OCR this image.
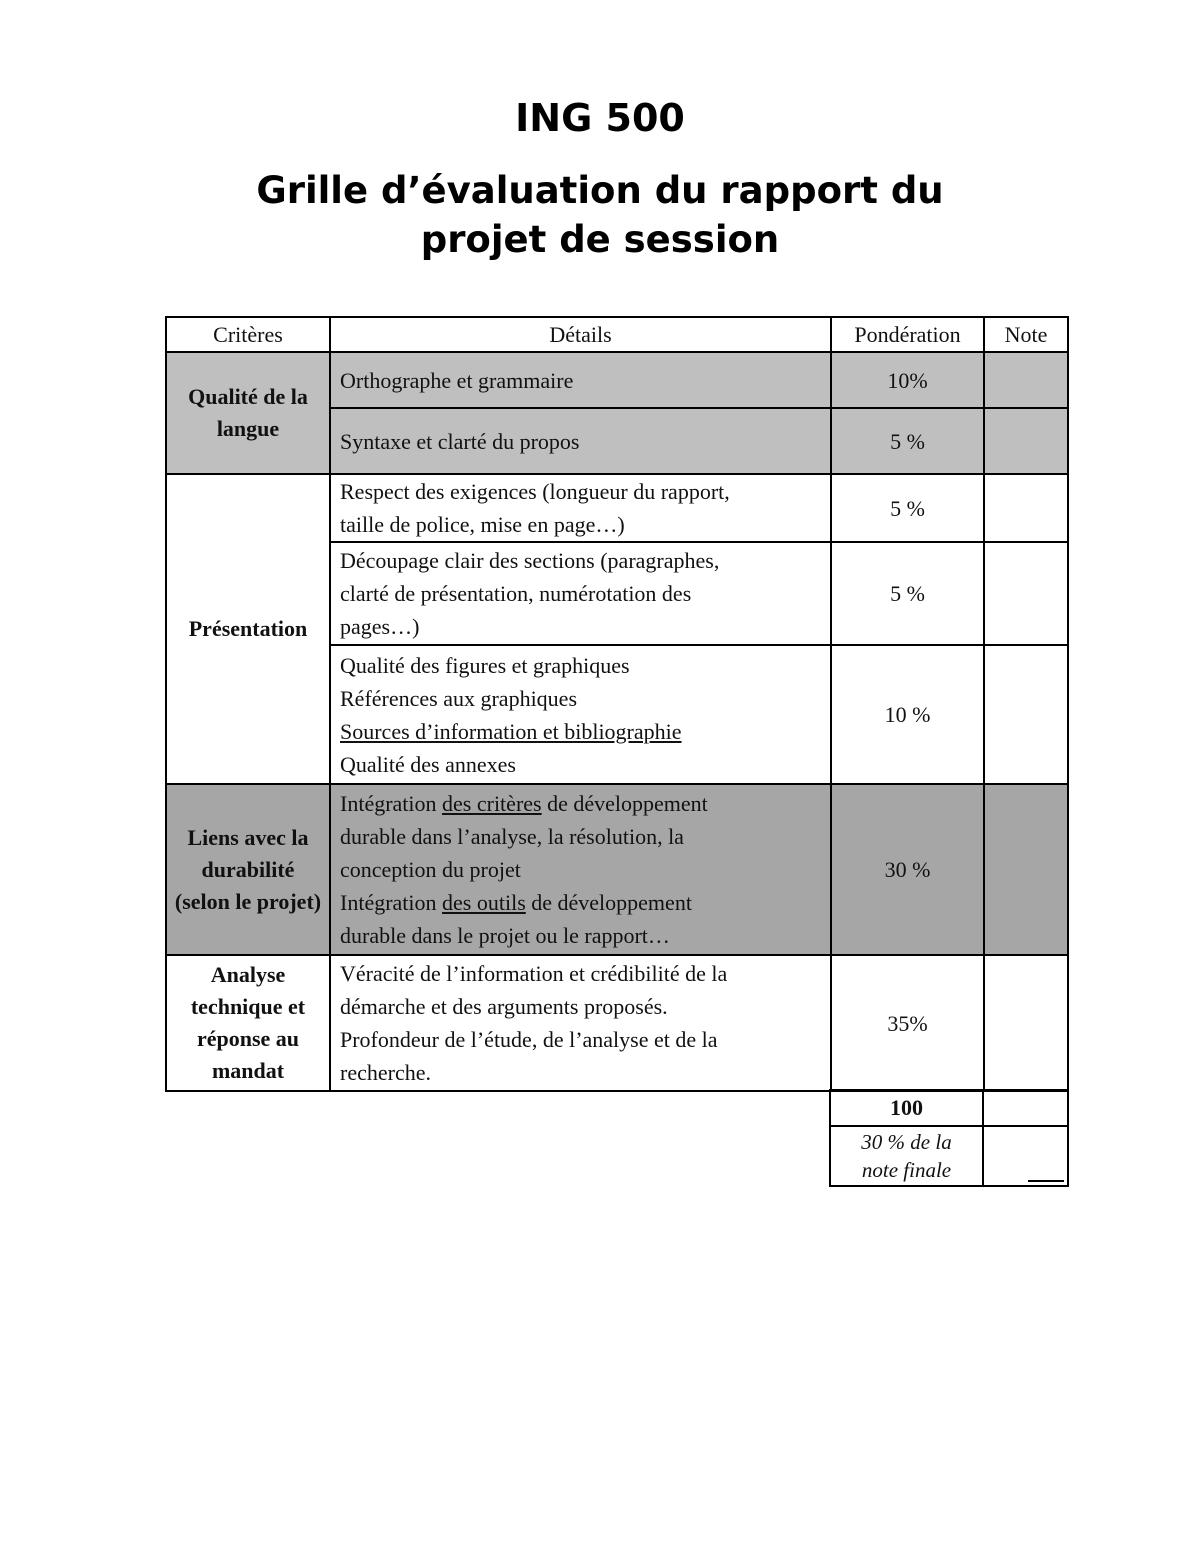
ING 500
Grille d’évaluation du rapport du
projet de session
Critères	Détails	Pondération	Note
Qualité de la langue	Orthographe et grammaire	10%	

	Syntaxe et clarté du propos	5 %	
Présentation	Respect des exigences (longueur du rapport,
taille de police, mise en page…)	5 %	

	Découpage clair des sections (paragraphes,
clarté de présentation, numérotation des
pages…)	5 %	

	Qualité des figures et graphiques
Références aux graphiques
Sources d’information et bibliographie
Qualité des annexes	10 %	
Liens avec la durabilité (selon le projet)	Intégration des critères de développement
durable dans l’analyse, la résolution, la
conception du projet
Intégration des outils de développement
durable dans le projet ou le rapport…	30 %	
Analyse technique et réponse au mandat	Véracité de l’information et crédibilité de la
démarche et des arguments proposés.
Profondeur de l’étude, de l’analyse et de la
recherche.	35%	
100	

30 % de la
note finale	
